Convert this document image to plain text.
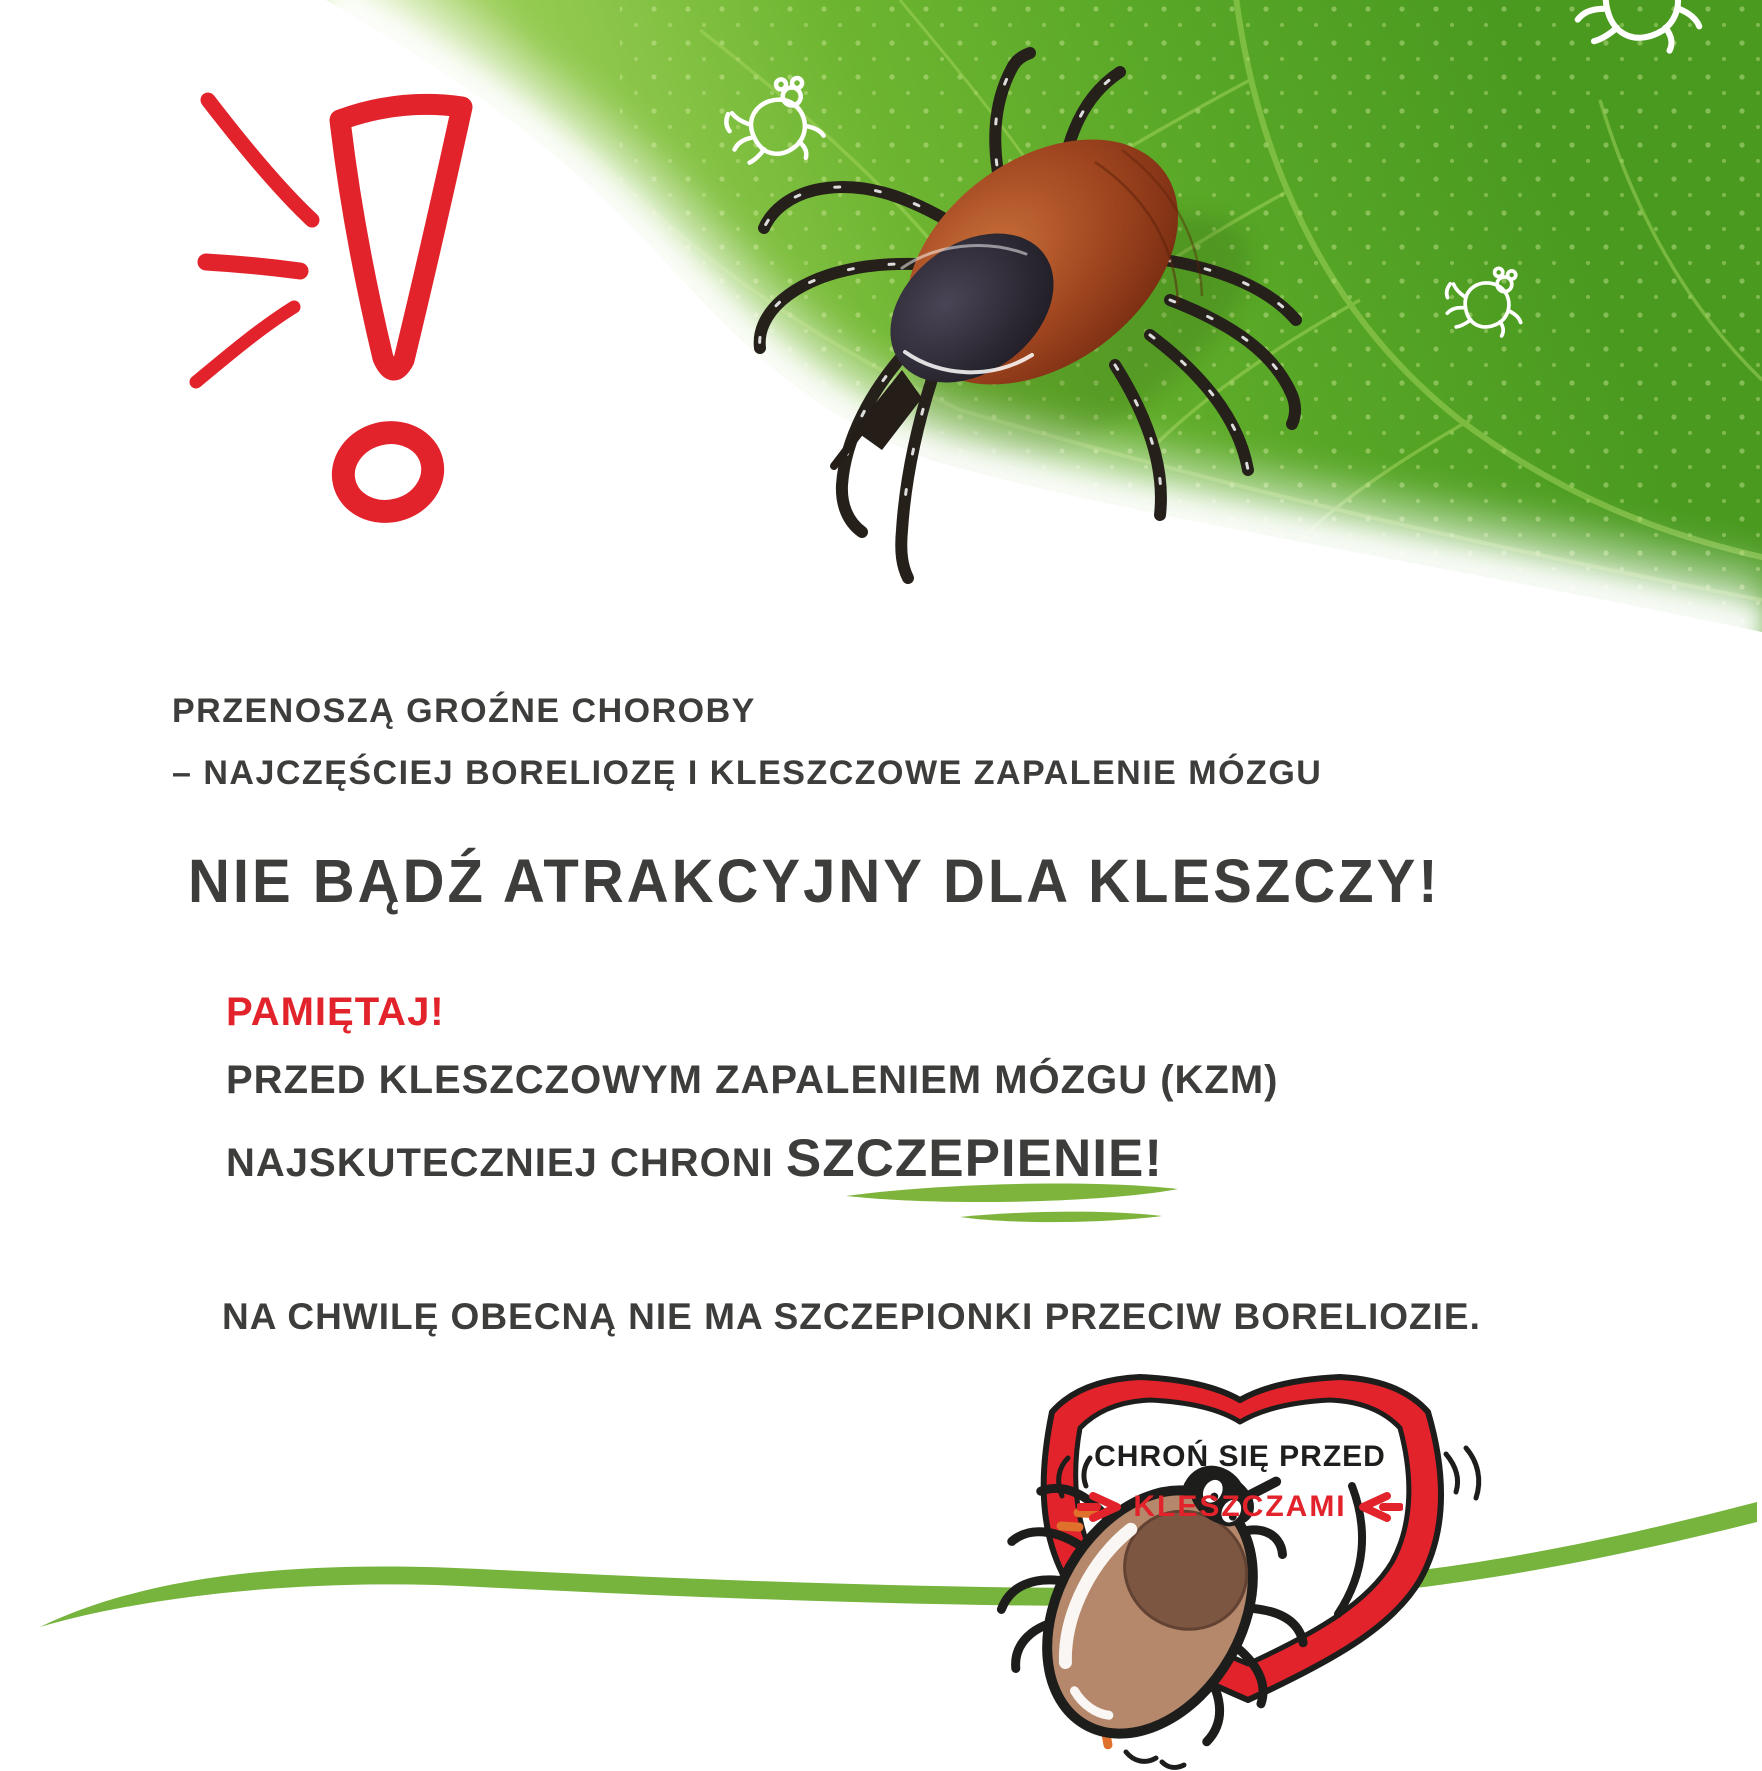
PRZENOSZĄ GROŹNE CHOROBY
– NAJCZĘŚCIEJ BORELIOZĘ I KLESZCZOWE ZAPALENIE MÓZGU
NIE BĄDŹ ATRAKCYJNY DLA KLESZCZY!
PAMIĘTAJ!
PRZED KLESZCZOWYM ZAPALENIEM MÓZGU (KZM)
NAJSKUTECZNIEJ CHRONI SZCZEPIENIE!
NA CHWILĘ OBECNĄ NIE MA SZCZEPIONKI PRZECIW BORELIOZIE.
CHROŃ SIĘ PRZED
KLESZCZAMI
